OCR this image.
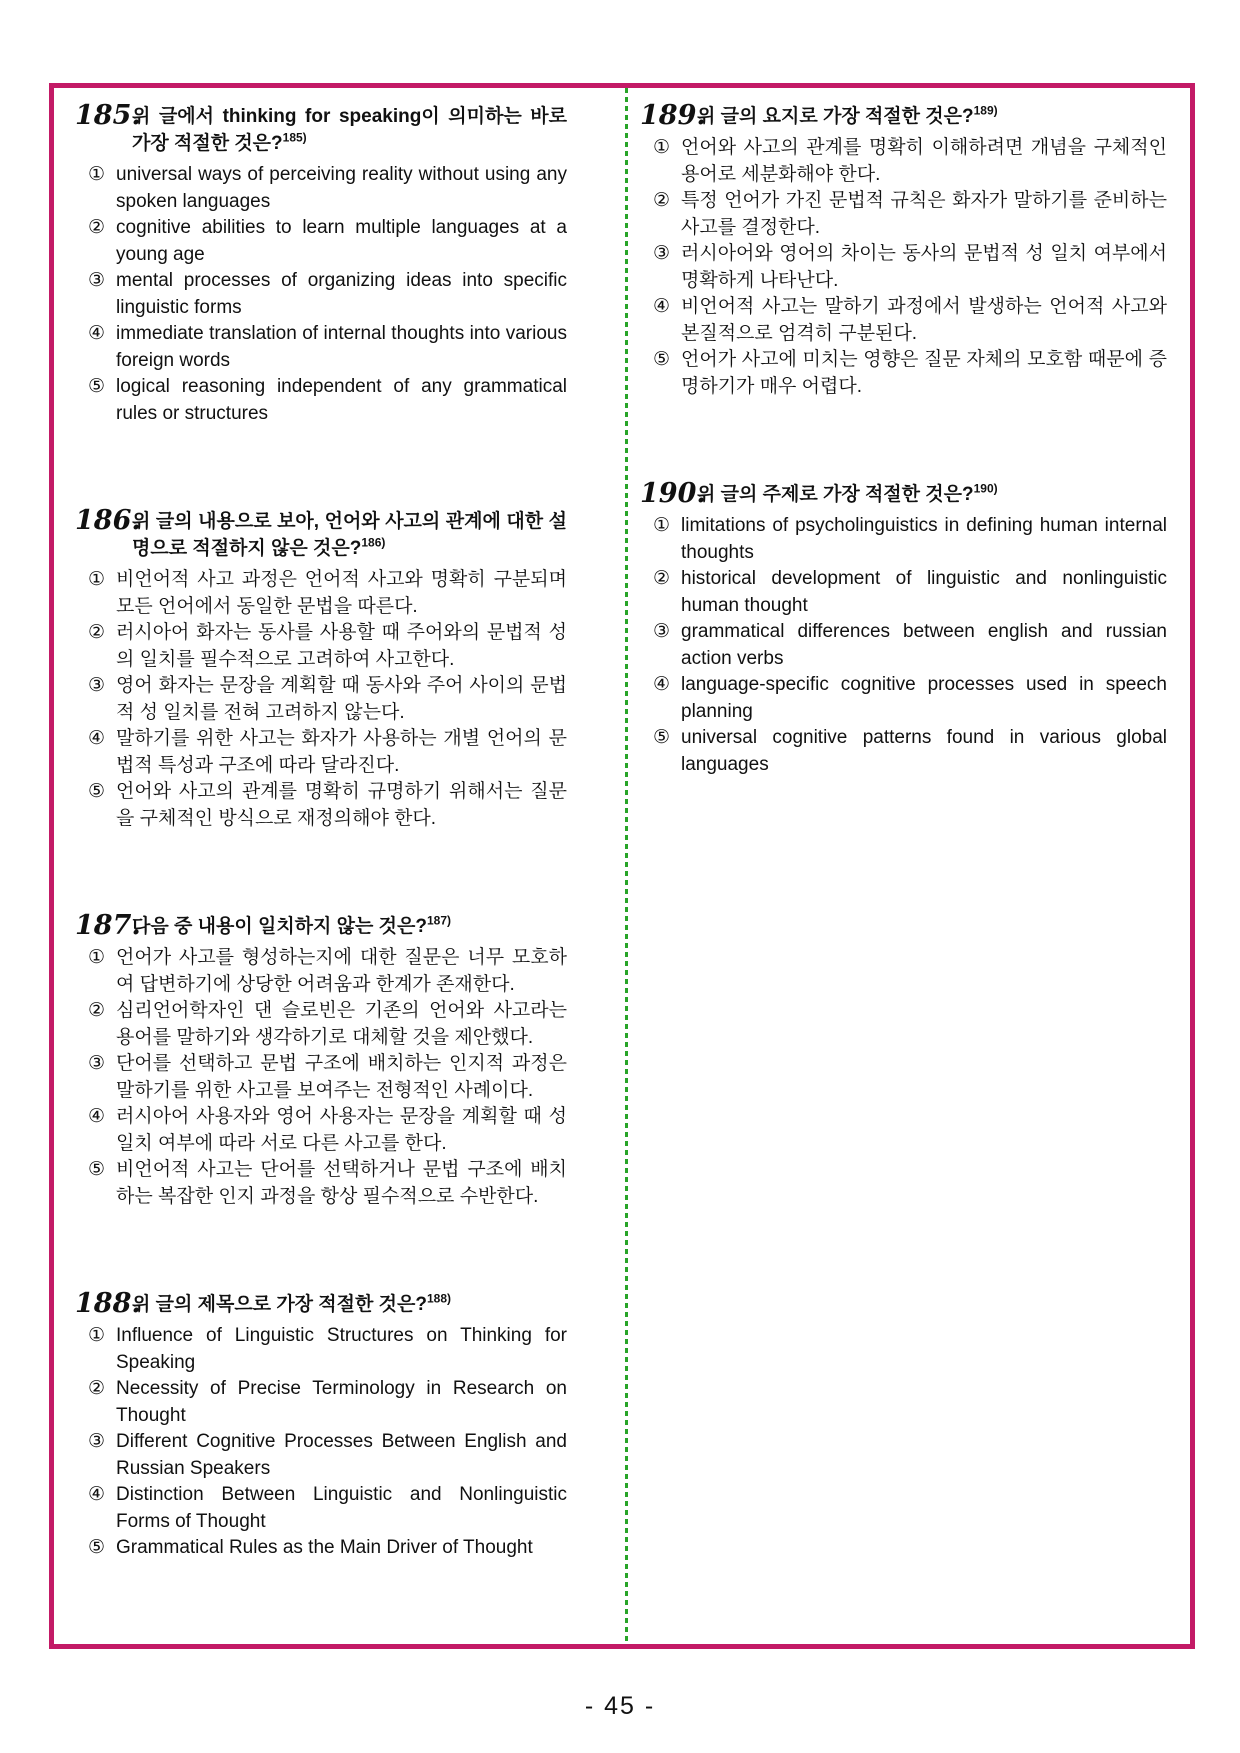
185.위 글에서 thinking for speaking이 의미하는 바로 가장 적절한 것은?$^{185)}$
① universal ways of perceiving reality without using any spoken languages
② cognitive abilities to learn multiple languages at a young age
③ mental processes of organizing ideas into specific linguistic forms
④ immediate translation of internal thoughts into various foreign words
⑤ logical reasoning independent of any grammatical rules or structures
186.위 글의 내용으로 보아, 언어와 사고의 관계에 대한 설명으로 적절하지 않은 것은?$^{186)}$
① 비언어적 사고 과정은 언어적 사고와 명확히 구분되며 모든 언어에서 동일한 문법을 따른다.
② 러시아어 화자는 동사를 사용할 때 주어와의 문법적 성의 일치를 필수적으로 고려하여 사고한다.
③ 영어 화자는 문장을 계획할 때 동사와 주어 사이의 문법적 성 일치를 전혀 고려하지 않는다.
④ 말하기를 위한 사고는 화자가 사용하는 개별 언어의 문법적 특성과 구조에 따라 달라진다.
⑤ 언어와 사고의 관계를 명확히 규명하기 위해서는 질문을 구체적인 방식으로 재정의해야 한다.
187.다음 중 내용이 일치하지 않는 것은?$^{187)}$
① 언어가 사고를 형성하는지에 대한 질문은 너무 모호하여 답변하기에 상당한 어려움과 한계가 존재한다.
② 심리언어학자인 댄 슬로빈은 기존의 언어와 사고라는 용어를 말하기와 생각하기로 대체할 것을 제안했다.
③ 단어를 선택하고 문법 구조에 배치하는 인지적 과정은 말하기를 위한 사고를 보여주는 전형적인 사례이다.
④ 러시아어 사용자와 영어 사용자는 문장을 계획할 때 성 일치 여부에 따라 서로 다른 사고를 한다.
⑤ 비언어적 사고는 단어를 선택하거나 문법 구조에 배치하는 복잡한 인지 과정을 항상 필수적으로 수반한다.
188.위 글의 제목으로 가장 적절한 것은?$^{188)}$
① Influence of Linguistic Structures on Thinking for Speaking
② Necessity of Precise Terminology in Research on Thought
③ Different Cognitive Processes Between English and Russian Speakers
④ Distinction Between Linguistic and Nonlinguistic Forms of Thought
⑤ Grammatical Rules as the Main Driver of Thought
189.위 글의 요지로 가장 적절한 것은?$^{189)}$
① 언어와 사고의 관계를 명확히 이해하려면 개념을 구체적인 용어로 세분화해야 한다.
② 특정 언어가 가진 문법적 규칙은 화자가 말하기를 준비하는 사고를 결정한다.
③ 러시아어와 영어의 차이는 동사의 문법적 성 일치 여부에서 명확하게 나타난다.
④ 비언어적 사고는 말하기 과정에서 발생하는 언어적 사고와 본질적으로 엄격히 구분된다.
⑤ 언어가 사고에 미치는 영향은 질문 자체의 모호함 때문에 증명하기가 매우 어렵다.
190.위 글의 주제로 가장 적절한 것은?$^{190)}$
① limitations of psycholinguistics in defining human internal thoughts
② historical development of linguistic and nonlinguistic human thought
③ grammatical differences between english and russian action verbs
④ language-specific cognitive processes used in speech planning
⑤ universal cognitive patterns found in various global languages
- 45 -
